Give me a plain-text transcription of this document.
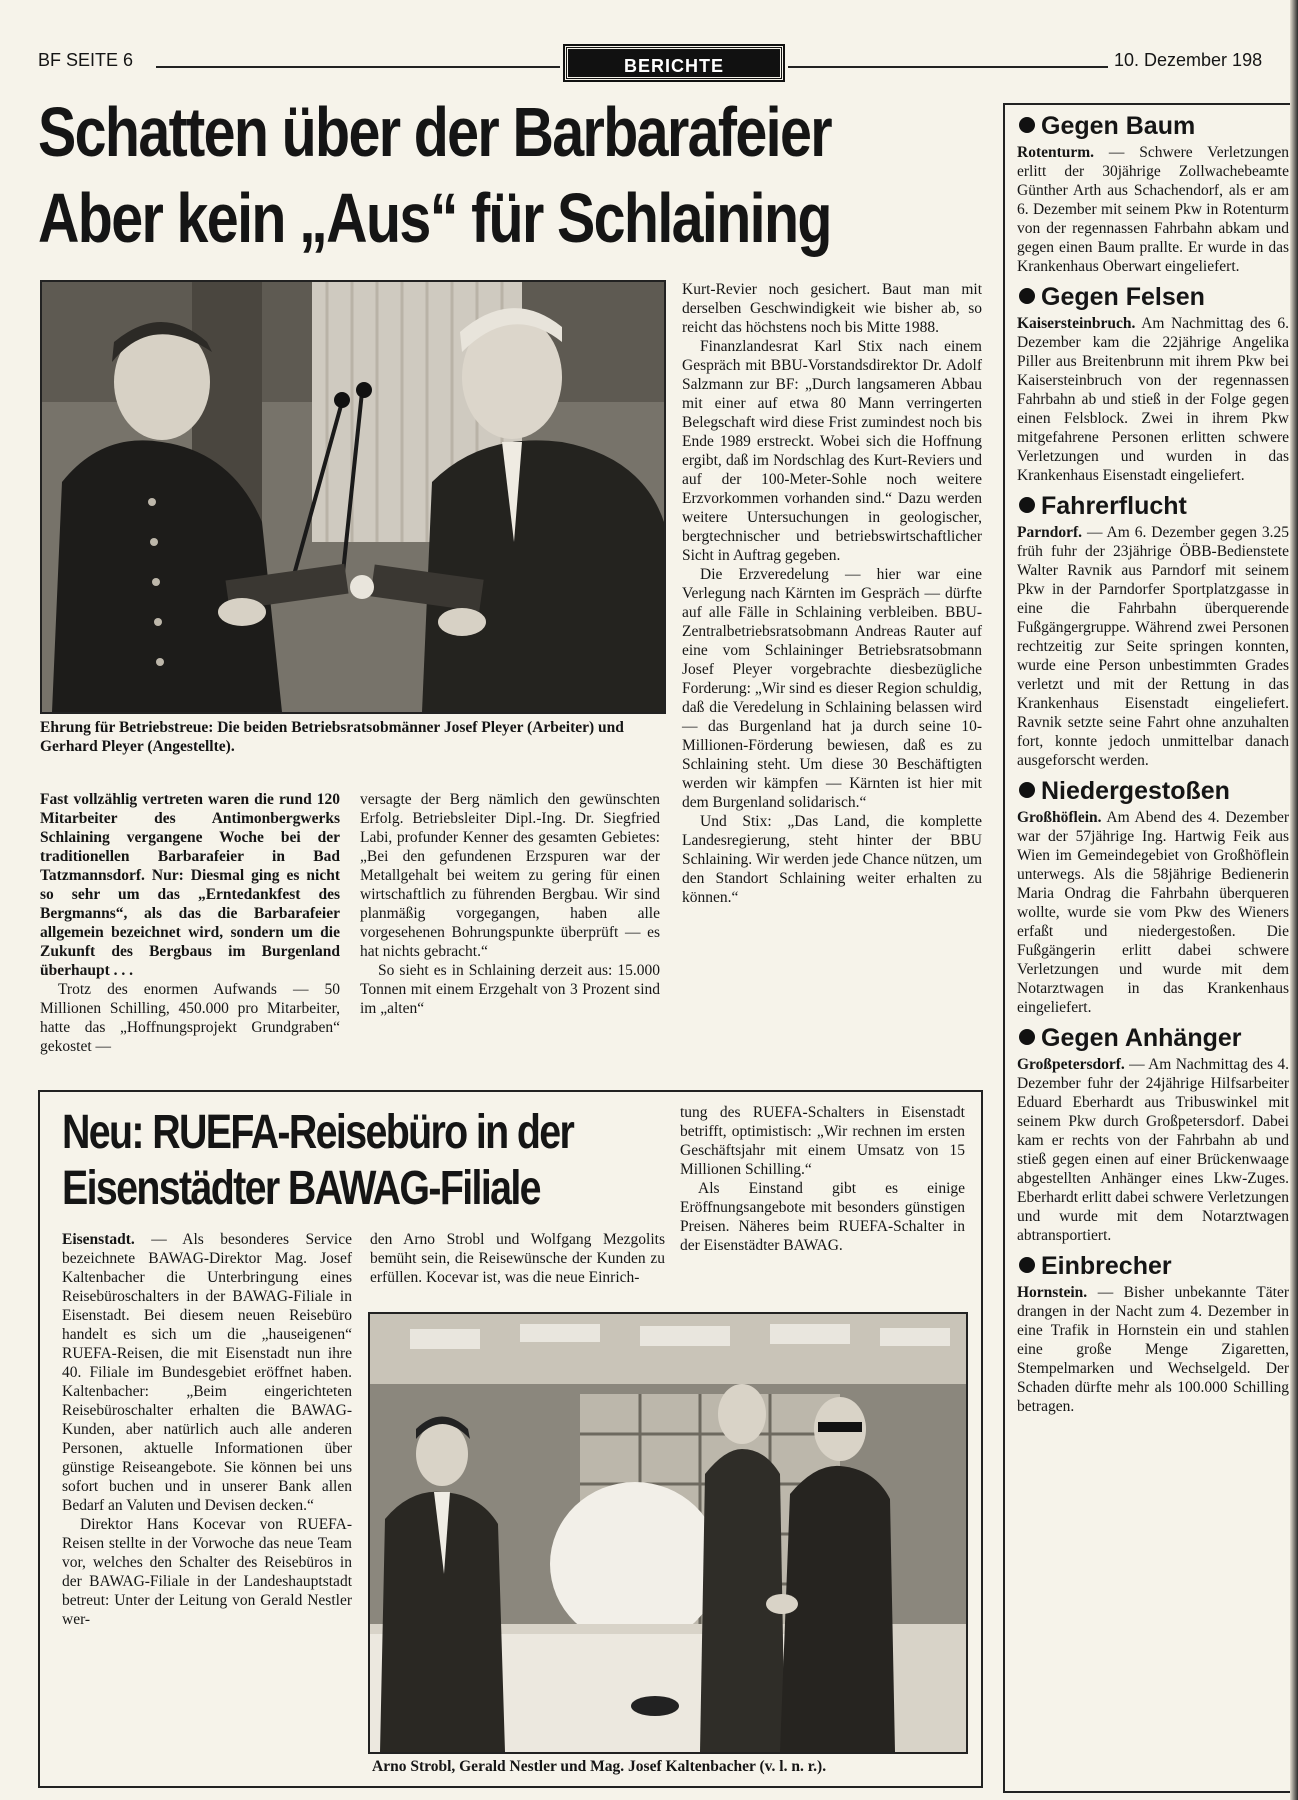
BF SEITE 6	BERICHTE	10. Dezember 198
Schatten über der Barbarafeier
Aber kein „Aus“ für Schlaining
Ehrung für Betriebstreue: Die beiden Betriebsratsobmänner Josef Pleyer (Arbeiter) und Gerhard Pleyer (Angestellte).

Fast vollzählig vertreten waren die rund 120 Mitarbeiter des Antimonbergwerks Schlaining vergangene Woche bei der traditionellen Barbarafeier in Bad Tatzmannsdorf. Nur: Diesmal ging es nicht so sehr um das „Erntedankfest des Bergmanns“, als das die Barbarafeier allgemein bezeichnet wird, sondern um die Zukunft des Bergbaus im Burgenland überhaupt . . .

Trotz des enormen Aufwands — 50 Millionen Schilling, 450.000 pro Mitarbeiter, hatte das „Hoffnungsprojekt Grundgraben“ gekostet —

versagte der Berg nämlich den gewünschten Erfolg. Betriebsleiter Dipl.-Ing. Dr. Siegfried Labi, profunder Kenner des gesamten Gebietes: „Bei den gefundenen Erzspuren war der Metallgehalt bei weitem zu gering für einen wirtschaftlich zu führenden Bergbau. Wir sind planmäßig vorgegangen, haben alle vorgesehenen Bohrungspunkte überprüft — es hat nichts gebracht.“

So sieht es in Schlaining derzeit aus: 15.000 Tonnen mit einem Erzgehalt von 3 Prozent sind im „alten“

Kurt-Revier noch gesichert. Baut man mit derselben Geschwindigkeit wie bisher ab, so reicht das höchstens noch bis Mitte 1988.

Finanzlandesrat Karl Stix nach einem Gespräch mit BBU-Vorstandsdirektor Dr. Adolf Salzmann zur BF: „Durch langsameren Abbau mit einer auf etwa 80 Mann verringerten Belegschaft wird diese Frist zumindest noch bis Ende 1989 erstreckt. Wobei sich die Hoffnung ergibt, daß im Nordschlag des Kurt-Reviers und auf der 100-Meter-Sohle noch weitere Erzvorkommen vorhanden sind.“ Dazu werden weitere Untersuchungen in geologischer, bergtechnischer und betriebswirtschaftlicher Sicht in Auftrag gegeben.

Die Erzveredelung — hier war eine Verlegung nach Kärnten im Gespräch — dürfte auf alle Fälle in Schlaining verbleiben. BBU-Zentralbetriebsratsobmann Andreas Rauter auf eine vom Schlaininger Betriebsratsobmann Josef Pleyer vorgebrachte diesbezügliche Forderung: „Wir sind es dieser Region schuldig, daß die Veredelung in Schlaining belassen wird — das Burgenland hat ja durch seine 10-Millionen-Förderung bewiesen, daß es zu Schlaining steht. Um diese 30 Beschäftigten werden wir kämpfen — Kärnten ist hier mit dem Burgenland solidarisch.“

Und Stix: „Das Land, die komplette Landesregierung, steht hinter der BBU Schlaining. Wir werden jede Chance nützen, um den Standort Schlaining weiter erhalten zu können.“

Neu: RUEFA-Reisebüro in der
Eisenstädter BAWAG-Filiale

tung des RUEFA-Schalters in Eisenstadt betrifft, optimistisch: „Wir rechnen im ersten Geschäftsjahr mit einem Umsatz von 15 Millionen Schilling.“

Als Einstand gibt es einige Eröffnungsangebote mit besonders günstigen Preisen. Näheres beim RUEFA-Schalter in der Eisenstädter BAWAG.

Eisenstadt. — Als besonderes Service bezeichnete BAWAG-Direktor Mag. Josef Kaltenbacher die Unterbringung eines Reisebüroschalters in der BAWAG-Filiale in Eisenstadt. Bei diesem neuen Reisebüro handelt es sich um die „hauseigenen“ RUEFA-Reisen, die mit Eisenstadt nun ihre 40. Filiale im Bundesgebiet eröffnet haben. Kaltenbacher: „Beim eingerichteten Reisebüroschalter erhalten die BAWAG-Kunden, aber natürlich auch alle anderen Personen, aktuelle Informationen über günstige Reiseangebote. Sie können bei uns sofort buchen und in unserer Bank allen Bedarf an Valuten und Devisen decken.“

Direktor Hans Kocevar von RUEFA-Reisen stellte in der Vorwoche das neue Team vor, welches den Schalter des Reisebüros in der BAWAG-Filiale in der Landeshauptstadt betreut: Unter der Leitung von Gerald Nestler wer-

den Arno Strobl und Wolfgang Mezgolits bemüht sein, die Reisewünsche der Kunden zu erfüllen. Kocevar ist, was die neue Einrich-

Arno Strobl, Gerald Nestler und Mag. Josef Kaltenbacher (v. l. n. r.).
Gegen Baum
Rotenturm. — Schwere Verletzungen erlitt der 30jährige Zollwachebeamte Günther Arth aus Schachendorf, als er am 6. Dezember mit seinem Pkw in Rotenturm von der regennassen Fahrbahn abkam und gegen einen Baum prallte. Er wurde in das Krankenhaus Oberwart eingeliefert.
Gegen Felsen
Kaisersteinbruch. Am Nachmittag des 6. Dezember kam die 22jährige Angelika Piller aus Breitenbrunn mit ihrem Pkw bei Kaisersteinbruch von der regennassen Fahrbahn ab und stieß in der Folge gegen einen Felsblock. Zwei in ihrem Pkw mitgefahrene Personen erlitten schwere Verletzungen und wurden in das Krankenhaus Eisenstadt eingeliefert.
Fahrerflucht
Parndorf. — Am 6. Dezember gegen 3.25 früh fuhr der 23jährige ÖBB-Bedienstete Walter Ravnik aus Parndorf mit seinem Pkw in der Parndorfer Sportplatzgasse in eine die Fahrbahn überquerende Fußgängergruppe. Während zwei Personen rechtzeitig zur Seite springen konnten, wurde eine Person unbestimmten Grades verletzt und mit der Rettung in das Krankenhaus Eisenstadt eingeliefert. Ravnik setzte seine Fahrt ohne anzuhalten fort, konnte jedoch unmittelbar danach ausgeforscht werden.
Niedergestoßen
Großhöflein. Am Abend des 4. Dezember war der 57jährige Ing. Hartwig Feik aus Wien im Gemeindegebiet von Großhöflein unterwegs. Als die 58jährige Bedienerin Maria Ondrag die Fahrbahn überqueren wollte, wurde sie vom Pkw des Wieners erfaßt und niedergestoßen. Die Fußgängerin erlitt dabei schwere Verletzungen und wurde mit dem Notarztwagen in das Krankenhaus eingeliefert.
Gegen Anhänger
Großpetersdorf. — Am Nachmittag des 4. Dezember fuhr der 24jährige Hilfsarbeiter Eduard Eberhardt aus Tribuswinkel mit seinem Pkw durch Großpetersdorf. Dabei kam er rechts von der Fahrbahn ab und stieß gegen einen auf einer Brückenwaage abgestellten Anhänger eines Lkw-Zuges. Eberhardt erlitt dabei schwere Verletzungen und wurde mit dem Notarztwagen abtransportiert.
Einbrecher
Hornstein. — Bisher unbekannte Täter drangen in der Nacht zum 4. Dezember in eine Trafik in Hornstein ein und stahlen eine große Menge Zigaretten, Stempelmarken und Wechselgeld. Der Schaden dürfte mehr als 100.000 Schilling betragen.
